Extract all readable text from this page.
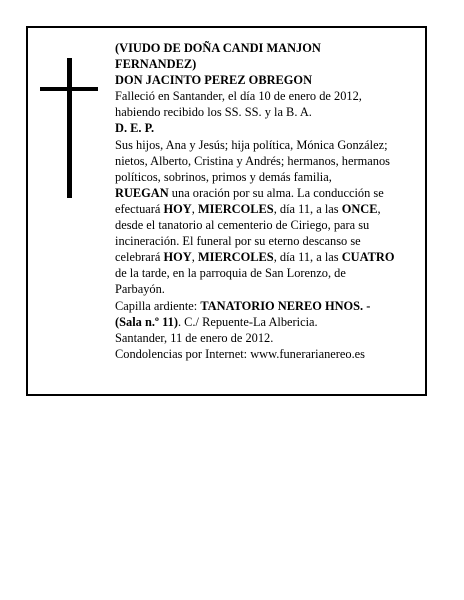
(VIUDO DE DOÑA CANDI MANJON
FERNANDEZ)
DON JACINTO PEREZ OBREGON
Falleció en Santander, el día 10 de enero de 2012,
habiendo recibido los SS. SS. y la B. A.
D. E. P.
Sus hijos, Ana y Jesús; hija política, Mónica González;
nietos, Alberto, Cristina y Andrés; hermanos, hermanos
políticos, sobrinos, primos y demás familia,
RUEGAN una oración por su alma. La conducción se
efectuará HOY, MIERCOLES, día 11, a las ONCE,
desde el tanatorio al cementerio de Ciriego, para su
incineración. El funeral por su eterno descanso se
celebrará HOY, MIERCOLES, día 11, a las CUATRO
de la tarde, en la parroquia de San Lorenzo, de
Parbayón.
Capilla ardiente: TANATORIO NEREO HNOS. -
(Sala n.º 11). C./ Repuente-La Albericia.
Santander, 11 de enero de 2012.
Condolencias por Internet: www.funerarianereo.es
